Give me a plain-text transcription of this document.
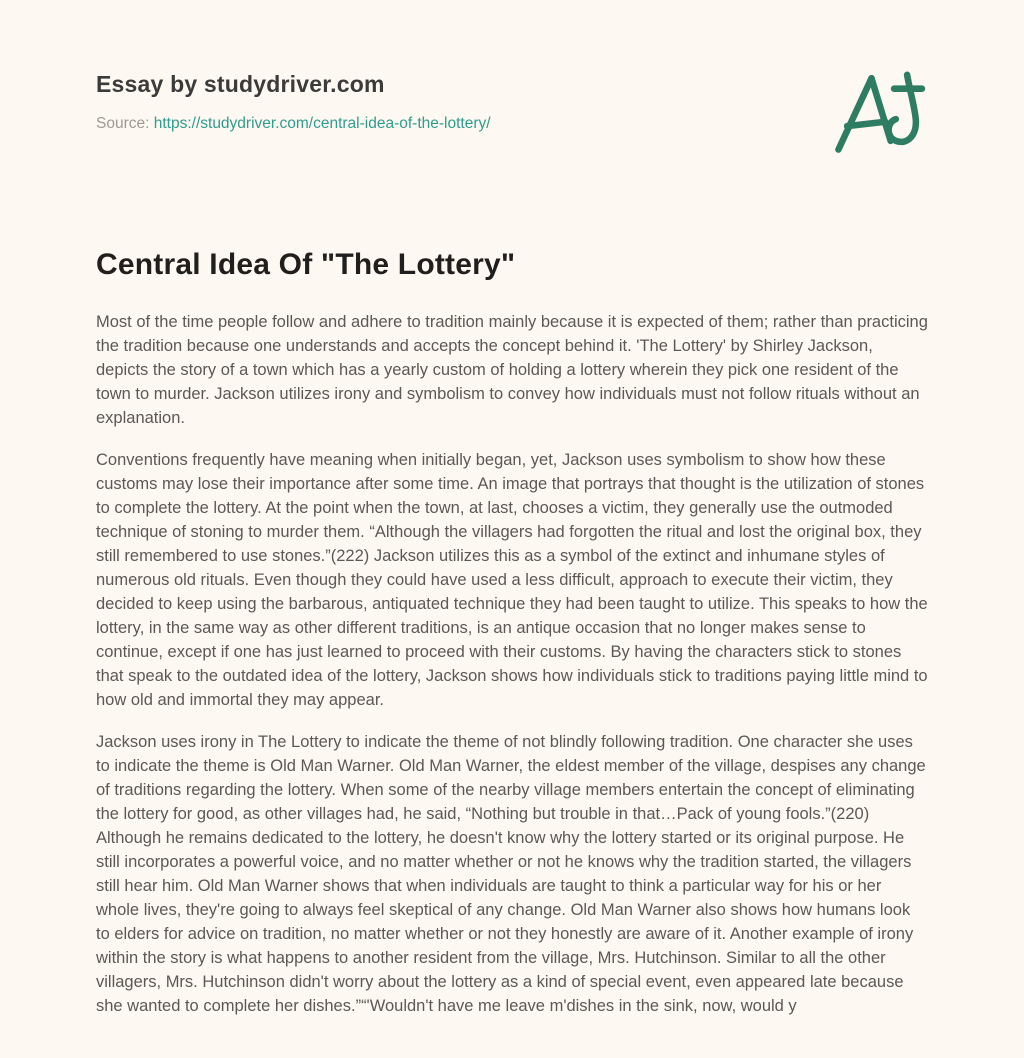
Essay by studydriver.com

Source: https://studydriver.com/central-idea-of-the-lottery/

Central Idea Of "The Lottery"

Most of the time people follow and adhere to tradition mainly because it is expected of them; rather than practicing the tradition because one understands and accepts the concept behind it. 'The Lottery' by Shirley Jackson, depicts the story of a town which has a yearly custom of holding a lottery wherein they pick one resident of the town to murder. Jackson utilizes irony and symbolism to convey how individuals must not follow rituals without an explanation.

Conventions frequently have meaning when initially began, yet, Jackson uses symbolism to show how these customs may lose their importance after some time. An image that portrays that thought is the utilization of stones to complete the lottery. At the point when the town, at last, chooses a victim, they generally use the outmoded technique of stoning to murder them. “Although the villagers had forgotten the ritual and lost the original box, they still remembered to use stones.”(222) Jackson utilizes this as a symbol of the extinct and inhumane styles of numerous old rituals. Even though they could have used a less difficult, approach to execute their victim, they decided to keep using the barbarous, antiquated technique they had been taught to utilize. This speaks to how the lottery, in the same way as other different traditions, is an antique occasion that no longer makes sense to continue, except if one has just learned to proceed with their customs. By having the characters stick to stones that speak to the outdated idea of the lottery, Jackson shows how individuals stick to traditions paying little mind to how old and immortal they may appear.

Jackson uses irony in The Lottery to indicate the theme of not blindly following tradition. One character she uses to indicate the theme is Old Man Warner. Old Man Warner, the eldest member of the village, despises any change of traditions regarding the lottery. When some of the nearby village members entertain the concept of eliminating the lottery for good, as other villages had, he said, “Nothing but trouble in that…Pack of young fools.”(220) Although he remains dedicated to the lottery, he doesn't know why the lottery started or its original purpose. He still incorporates a powerful voice, and no matter whether or not he knows why the tradition started, the villagers still hear him. Old Man Warner shows that when individuals are taught to think a particular way for his or her whole lives, they're going to always feel skeptical of any change. Old Man Warner also shows how humans look to elders for advice on tradition, no matter whether or not they honestly are aware of it. Another example of irony within the story is what happens to another resident from the village, Mrs. Hutchinson. Similar to all the other villagers, Mrs. Hutchinson didn't worry about the lottery as a kind of special event, even appeared late because she wanted to complete her dishes.”“'Wouldn't have me leave m'dishes in the sink, now, would y
